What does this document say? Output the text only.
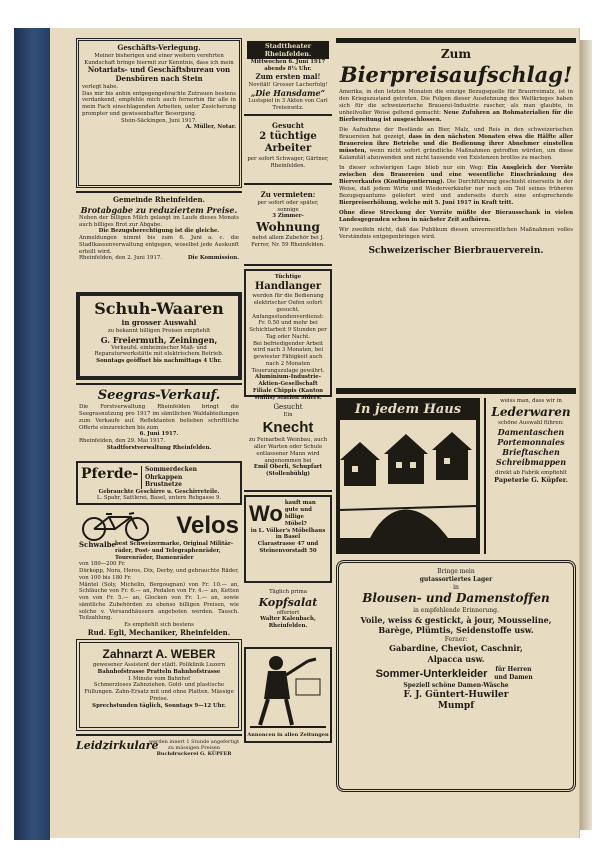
Geschäfts-Verlegung.
Meiner bisherigen und einer weitern verehrten Kundschaft bringe hiermit zur Kenntnis, dass ich mein
Notariats- und Geschäftsbureau von Densbüren nach Stein
verlegt habe.
Das mir bis anhin entgegengebrachte Zutrauen bestens verdankend, empfehle mich auch fernerhin für alle in mein Fach einschlagenden Arbeiten, unter Zusicherung prompter und gewissenhafter Besorgung.
Stein-Säckingen, Juni 1917.
A. Müller, Notar.
Gemeinde Rheinfelden.
Brotabgabe zu reduziertem Preise.
Neben der billigen Milch gelangt im Laufe dieses Monats auch billiges Brot zur Abgabe.
Die Bezugsberechtigung ist die gleiche.
Anmeldungen nimmt bis zum 6. Juni a. c. die Stadtkassenverwaltung entgegen, woselbst jede Auskunft erteilt wird.
Rheinfelden, den 2. Juni 1917.	Die Kommission.
Schuh-Waaren
in grosser Auswahl
zu bekannt billigen Preisen empfiehlt
G. Freiermuth, Zeiningen,
Verkaufsl. einheimischer Maß- und Reparaturwerkstätte mit elektrischem Betrieb.
Sonntags geöffnet bis nachmittags 4 Uhr.
Seegras-Verkauf.
Die Forstverwaltung Rheinfelden bringt die Seegrasnutzung pro 1917 im sämtlichen Waldabteilungen zum Verkaufe auf. Reflektanten belieben schriftliche Offerte einzureichen bis zum
6. Juni 1917.
Rheinfelden, den 29. Mai 1917.
Stadtforstverwaltung Rheinfelden.
Pferde-	Sommerdecken
Ohrkappen
Brustnetze
Gebrauchte Geschirre u. Geschirreteile.
L. Spahr, Sattlerei, Basel, untere Rebgasse 9.
Velos
Schwalbe best Schweizermarke, Original Militär-räder, Post- und Telegraphenräder, Tourenräder, Damenräder
von 180—200 Fr.
Dürkopp, Nora, Heros, Dix, Derby, und gebrauchte Räder, von 100 bis 180 Fr.
Mäntel (Soly, Michelin, Bergougnan) von Fr. 10.— an, Schläuche von Fr. 6.— an, Pedalen von Fr. 4.— an, Ketten von von Fr. 5.— an, Glocken von Fr. 1.— an, sowie sämtliche Zubehörden zu ebenso billigen Preisen, wie solche v. Versandhäusern angeboten werden. Tausch. Teilzahlung.
Es empfiehlt sich bestens
Rud. Egli, Mechaniker, Rheinfelden.
Zahnarzt A. WEBER
gewesener Assistent der städt. Poliklinik Luzern
Bahnhofstrasse Pratteln Bahnhofstrasse
1 Minute vom Bahnhof
Schmerzloses Zahnziehen. Gold- und plastische Füllungen. Zahn-Ersatz mit und ohne Platten. Mässige Preise.
Sprechstunden täglich, Sonntags 9—12 Uhr.
Leidzirkulare
werden innert 1 Stunde angefertigt zu mässigen Preisen
Buchdruckerei G. KÜPFER
Stadttheater Rheinfelden.
Mittwochen 6. Juni 1917 abends 8¼ Uhr.
Zum ersten mal!
Novität! Grosser Lacherfolg!
„Die Hansdame“
Lustspiel in 3 Akten von Carl Tretenwitz.
Gesucht
2 tüchtige Arbeiter
per sofort Schwager, Gärtner, Rheinfelden.
Zu vermieten:
per sofort oder später, sonnige
3 Zimmer-
Wohnung
nebst allem Zubehör bei J. Ferrer, Nr. 59 Rheinfelden.
Tüchtige
Handlanger
werden für die Bedienung elektrischer Oefen sofort gesucht. Anfangsstundenverdienst: Fr. 0.50 und mehr bei Schichtarbeit 9 Stunden per Tag oder Nacht.
Bei befriedigender Arbeit wird nach 3 Monaten, bei gewiester Fähigkeit auch nach 2 Monaten Teuerungszulage gewährt.
Aluminium-Industrie-Aktien-Gesellschaft Filiale Chippis (Kanton Wallis) Station Siders.
Gesucht
Ein
Knecht
zu Feinarbeit Weinbau, auch aller Warten oder Schule entlassener Mann wird angenommen bei
Emil Oberli, Schupfart (Stollenbühlg)
Wo kauft man gute und billige Möbel?
in L. Völker's Möbelhaus in Basel
Clarastrasse 47 und Steinenvorstadt 50
Täglich prima
Kopfsalat
offeriert
Walter Kalenbach, Rheinfelden.
Annoncen in allen Zeitungen
Zum
Bierpreisaufschlag!

Amerika, in den letzten Monaten die einzige Bezugsquelle für Braurreimalz, ist in den Kriegszustand getreten. Die Folgen dieser Ausdehnung des Weltkrieges haben sich für die schweizerische Brauerei-Industrie rascher, als man glaubte, in unheilvoller Weise geltend gemacht: Neue Zufuhren an Rohmaterialien für die Bierbereitung ist ausgeschlossen.

Die Aufnahme der Bestände an Bier, Malz, und Reis in den schweizerischen Brauereien hat gezeigt, dass in den nächsten Monaten etwa die Hälfte aller Brauereien ihre Betriebe und die Bedienung ihrer Abnehmer einstellen müssten, wenn nicht sofort gründliche Maßnahmen getroffen würden, um diese Kalamität abzuwenden und nicht tausende von Existenzen brotlos zu machen.

In dieser schwierigen Lage blieb nur ein Weg: Ein Ausgleich der Vorräte zwischen den Brauereien und eine wesentliche Einschränkung des Bierverkaufes (Kontingentierung). Die Durchführung geschieht einerseits in der Weise, daß jedem Wirte und Wiederverkäufer nur noch ein Teil seines früheren Bezugsquantums geliefert wird und anderseits durch eine entsprechende Bierpreiserhöhung, welche mit 5. Juni 1917 in Kraft tritt.

Ohne diese Streckung der Vorräte müßte der Bierausschank in vielen Landesgegenden schon in nächster Zeit aufhören.

Wir zweifeln nicht, daß das Publikum diesen unvermeidlichen Maßnahmen volles Verständnis entgegenbringen wird.

Schweizerischer Bierbrauerverein.
In jedem Haus
weiss man, dass wir in
Lederwaren
schöne Auswahl führen:
Damentaschen
Portemonnaies
Brieftaschen
Schreibmappen
direkt ab Fabrik empfiehlt
Papeterie G. Küpfer.
Bringe mein
gutassortiertes Lager
in
Blousen- und Damenstoffen
in empfehlende Erinnerung.
Voile, weiss & gestickt, à jour, Mousseline,
Barège, Plümtis, Seidenstoffe usw.
Ferner:
Gabardine, Cheviot, Caschnir,
Alpacca usw.
Sommer-Unterkleider	für Herren und Damen
Speziell schöne Damen-Wäsche
F. J. Güntert-Huwiler
Mumpf
